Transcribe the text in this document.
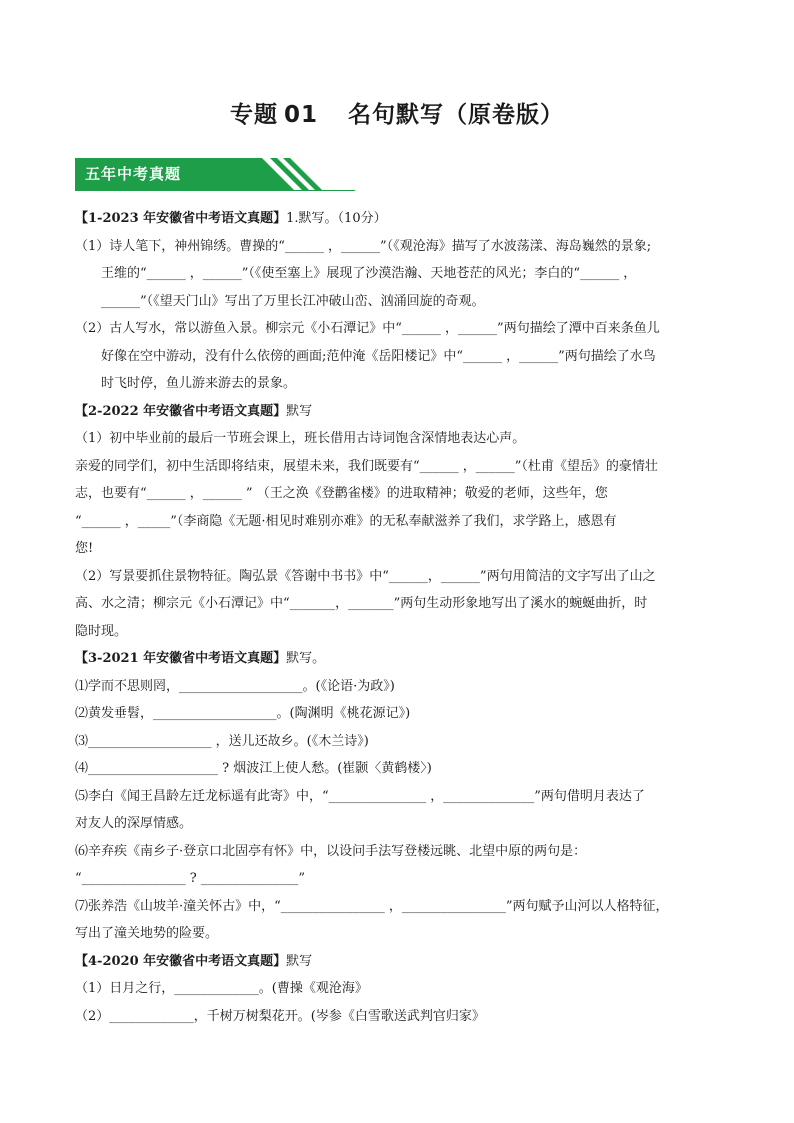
专题 01 名句默写（原卷版）
五年中考真题
【1-2023 年安徽省中考语文真题】1.默写。（10分）
（1）诗人笔下，神州锦绣。曹操的“______ ，______”（《观沧海》描写了水波荡漾、海岛巍然的景象;
王维的“______ ，______”（《使至塞上》展现了沙漠浩瀚、天地苍茫的风光；李白的“______ ，
______”（《望天门山》写出了万里长江冲破山峦、汹涌回旋的奇观。
（2）古人写水，常以游鱼入景。柳宗元《小石潭记》中“______ ，______”两句描绘了潭中百来条鱼儿
好像在空中游动，没有什么依傍的画面;范仲淹《岳阳楼记》中“______ ，______”两句描绘了水鸟
时飞时停，鱼儿游来游去的景象。
【2-2022 年安徽省中考语文真题】默写
（1）初中毕业前的最后一节班会课上，班长借用古诗词饱含深情地表达心声。
亲爱的同学们，初中生活即将结束，展望未来，我们既要有“______ ，______”（杜甫《望岳》的豪情壮
志，也要有“______ ，______ ” （王之涣《登鹳雀楼》的进取精神；敬爱的老师，这些年，您
“______ ，_____”（李商隐《无题·相见时难别亦难》的无私奉献滋养了我们，求学路上，感恩有
您!
（2）写景要抓住景物特征。陶弘景《答谢中书书》中“______，______”两句用简洁的文字写出了山之
高、水之清；柳宗元《小石潭记》中“_______，_______”两句生动形象地写出了溪水的蜿蜒曲折，时
隐时现。
【3-2021 年安徽省中考语文真题】默写。
⑴学而不思则罔，___________________。(《论语·为政》)
⑵黄发垂髫，___________________。(陶渊明《桃花源记》)
⑶___________________ ，送儿还故乡。(《木兰诗》)
⑷____________________ ? 烟波江上使人愁。(崔颢〈黄鹤楼〉)
⑸李白《闻王昌龄左迁龙标遥有此寄》中，“_______________ ，______________”两句借明月表达了
对友人的深厚情感。
⑹辛弃疾《南乡子·登京口北固亭有怀》中，以设问手法写登楼远眺、北望中原的两句是：
“________________ ? _______________”
⑺张养浩《山坡羊·潼关怀古》中，“________________ ，________________”两句赋予山河以人格特征，
写出了潼关地势的险要。
【4-2020 年安徽省中考语文真题】默写
（1）日月之行，_____________。(曹操《观沧海》
（2）_____________，千树万树梨花开。(岑参《白雪歌送武判官归家》
